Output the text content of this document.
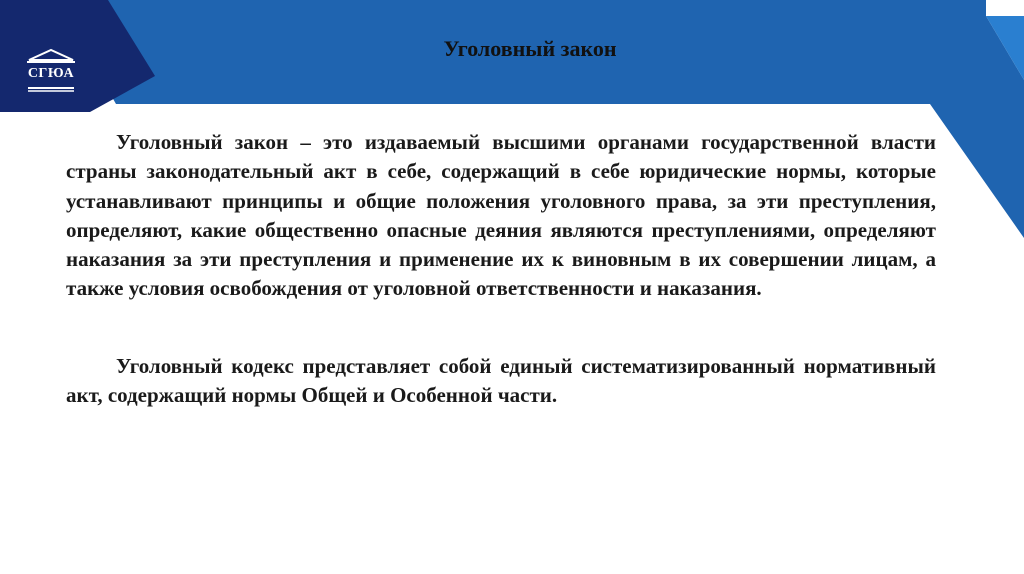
СГЮА
Уголовный закон

Уголовный закон – это издаваемый высшими органами государственной власти страны законодательный акт в себе, содержащий в себе юридические нормы, которые устанавливают принципы и общие положения уголовного права, за эти преступления, определяют, какие общественно опасные деяния являются преступлениями, определяют наказания за эти преступления и применение их к виновным в их совершении лицам, а также условия освобождения от уголовной ответственности и наказания.

Уголовный кодекс представляет собой единый систематизированный нормативный акт, содержащий нормы Общей и Особенной части.
